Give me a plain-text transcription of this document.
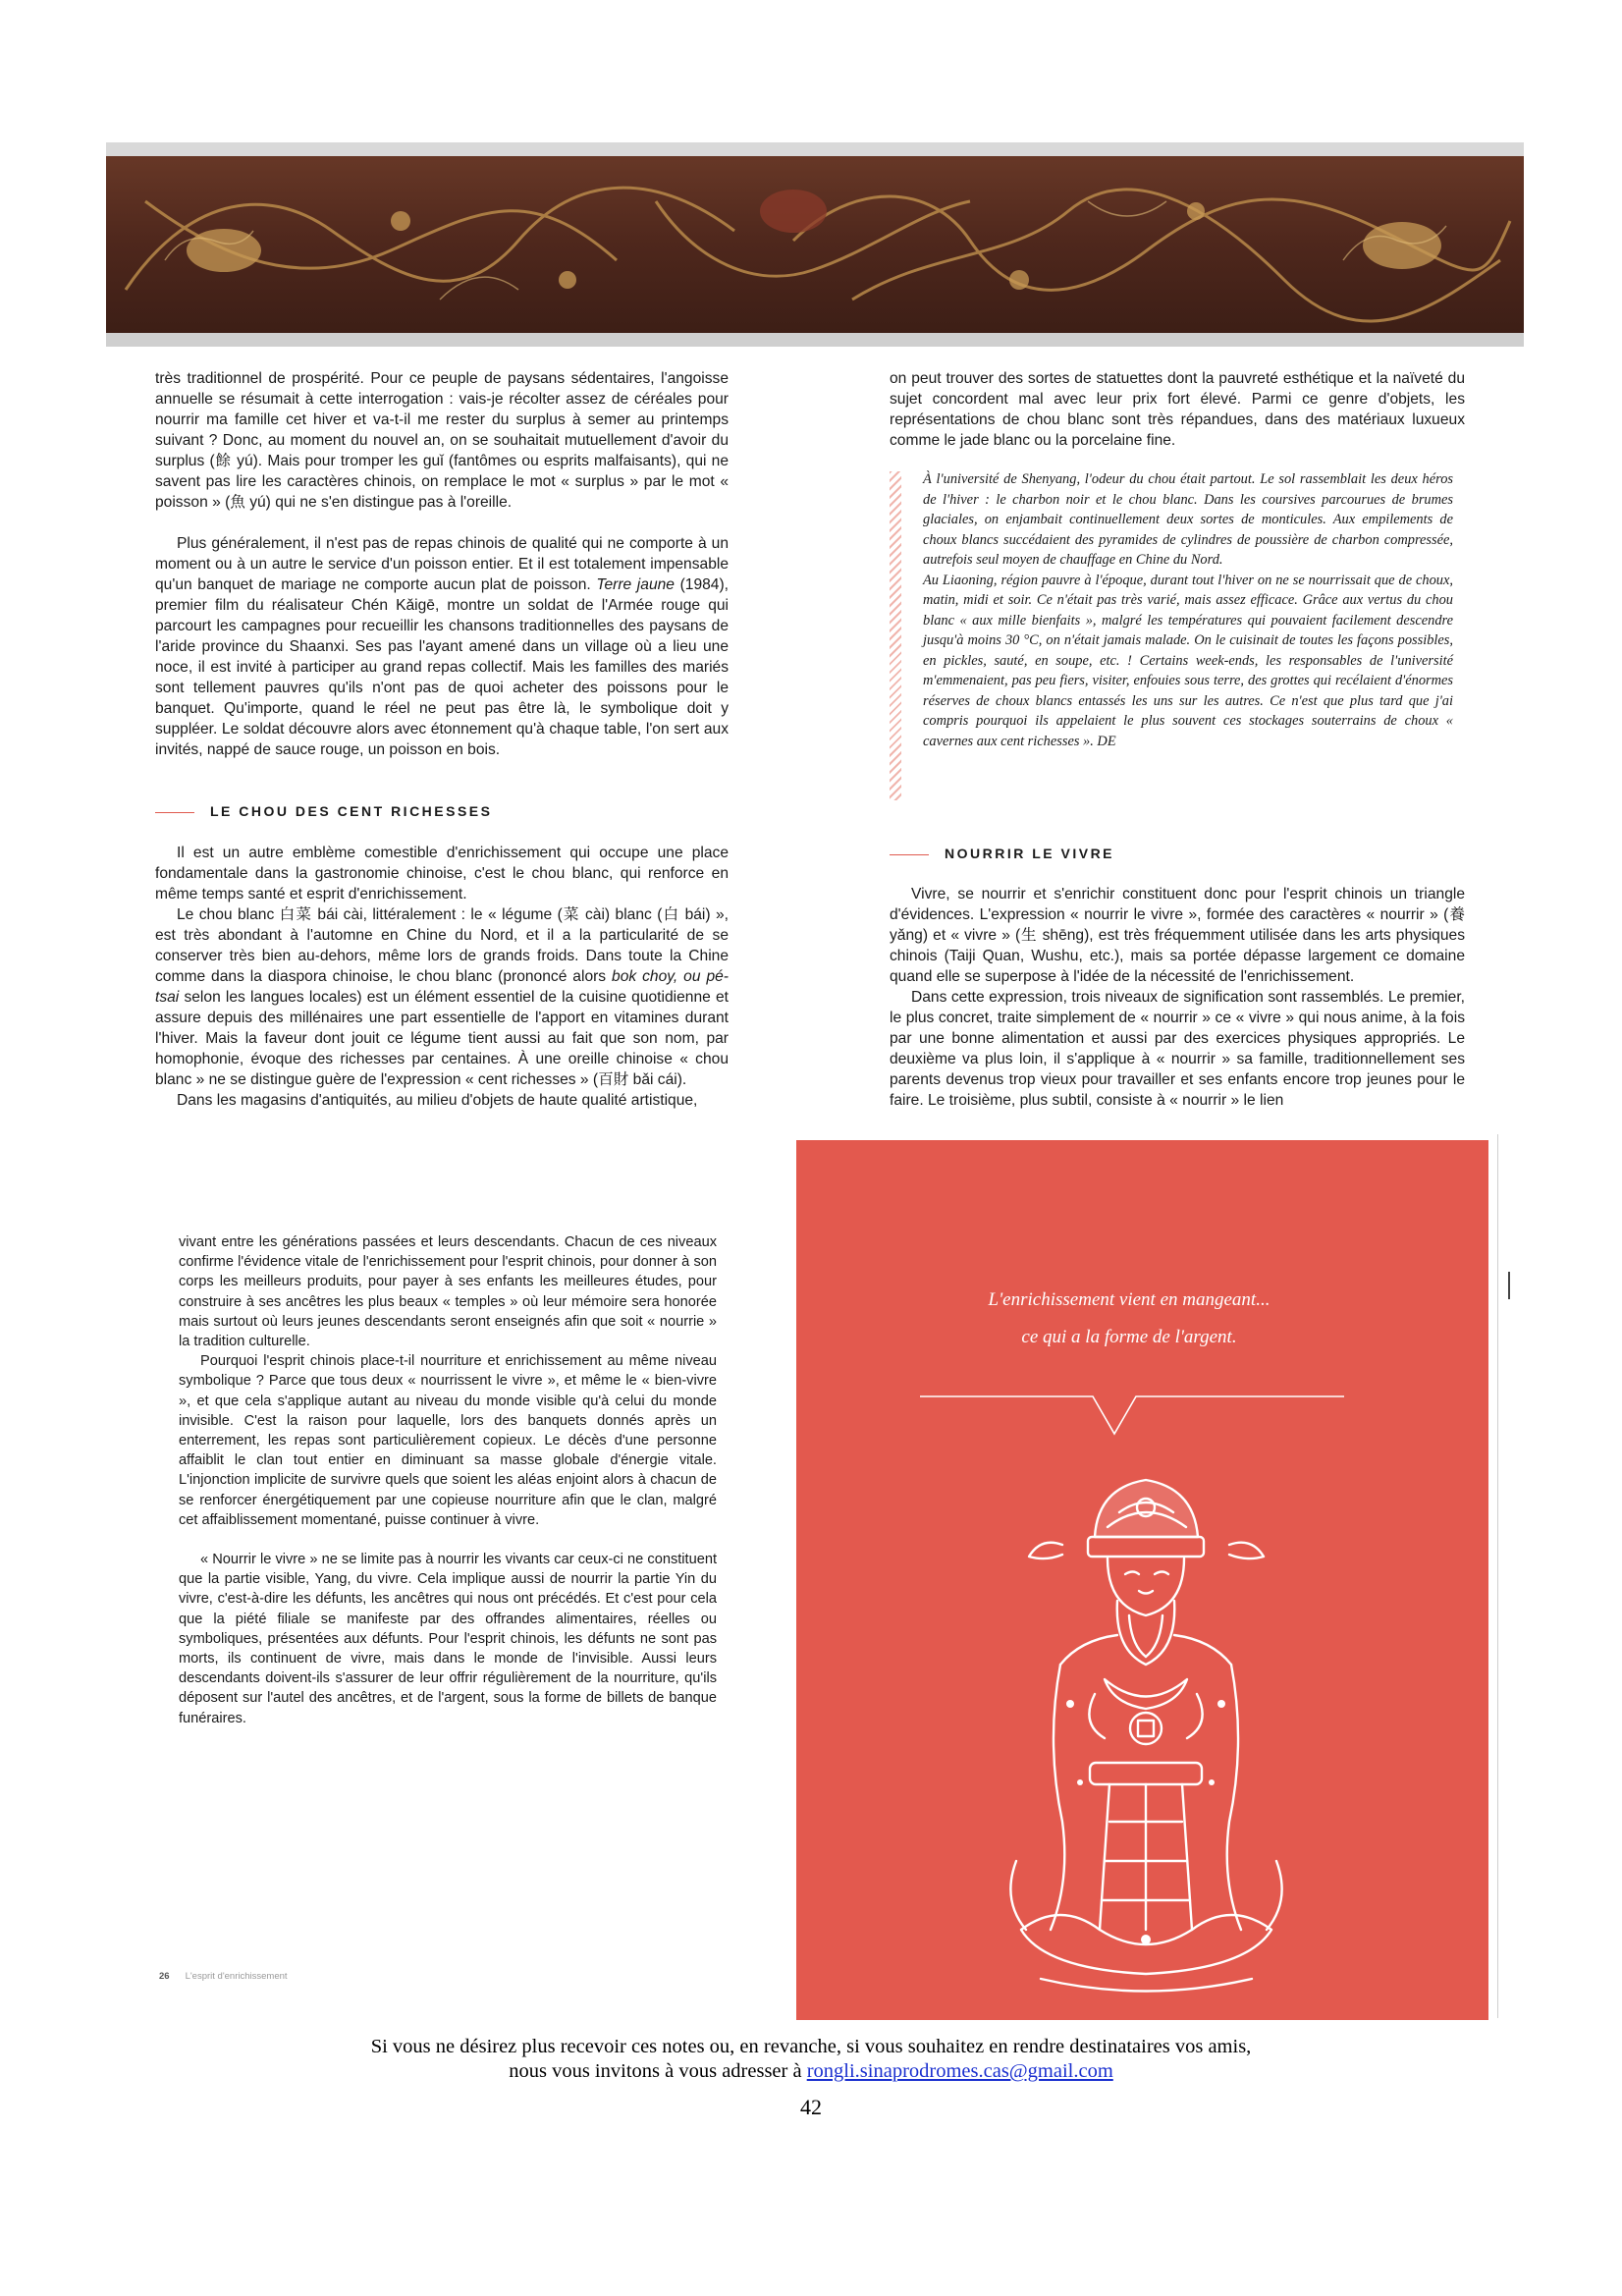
très traditionnel de prospérité. Pour ce peuple de paysans sédentaires, l'angoisse annuelle se résumait à cette interrogation : vais-je récolter assez de céréales pour nourrir ma famille cet hiver et va-t-il me rester du surplus à semer au printemps suivant ? Donc, au moment du nouvel an, on se souhaitait mutuellement d'avoir du surplus (餘 yú). Mais pour tromper les guǐ (fantômes ou esprits malfaisants), qui ne savent pas lire les caractères chinois, on remplace le mot « surplus » par le mot « poisson » (魚 yú) qui ne s'en distingue pas à l'oreille.

Plus généralement, il n'est pas de repas chinois de qualité qui ne comporte à un moment ou à un autre le service d'un poisson entier. Et il est totalement impensable qu'un banquet de mariage ne comporte aucun plat de poisson. Terre jaune (1984), premier film du réalisateur Chén Kǎigē, montre un soldat de l'Armée rouge qui parcourt les campagnes pour recueillir les chansons traditionnelles des paysans de l'aride province du Shaanxi. Ses pas l'ayant amené dans un village où a lieu une noce, il est invité à participer au grand repas collectif. Mais les familles des mariés sont tellement pauvres qu'ils n'ont pas de quoi acheter des poissons pour le banquet. Qu'importe, quand le réel ne peut pas être là, le symbolique doit y suppléer. Le soldat découvre alors avec étonnement qu'à chaque table, l'on sert aux invités, nappé de sauce rouge, un poisson en bois.

Il est un autre emblème comestible d'enrichissement qui occupe une place fondamentale dans la gastronomie chinoise, c'est le chou blanc, qui renforce en même temps santé et esprit d'enrichissement.

Le chou blanc 白菜 bái cài, littéralement : le « légume (菜 cài) blanc (白 bái) », est très abondant à l'automne en Chine du Nord, et il a la particularité de se conserver très bien au-dehors, même lors de grands froids. Dans toute la Chine comme dans la diaspora chinoise, le chou blanc (prononcé alors bok choy, ou pé-tsai selon les langues locales) est un élément essentiel de la cuisine quotidienne et assure depuis des millénaires une part essentielle de l'apport en vitamines durant l'hiver. Mais la faveur dont jouit ce légume tient aussi au fait que son nom, par homophonie, évoque des richesses par centaines. À une oreille chinoise « chou blanc » ne se distingue guère de l'expression « cent richesses » (百財 bǎi cái).

Dans les magasins d'antiquités, au milieu d'objets de haute qualité artistique,

LE CHOU DES CENT RICHESSES

on peut trouver des sortes de statuettes dont la pauvreté esthétique et la naïveté du sujet concordent mal avec leur prix fort élevé. Parmi ce genre d'objets, les représentations de chou blanc sont très répandues, dans des matériaux luxueux comme le jade blanc ou la porcelaine fine.

À l'université de Shenyang, l'odeur du chou était partout. Le sol rassemblait les deux héros de l'hiver : le charbon noir et le chou blanc. Dans les coursives parcourues de brumes glaciales, on enjambait continuellement deux sortes de monticules. Aux empilements de choux blancs succédaient des pyramides de cylindres de poussière de charbon compressée, autrefois seul moyen de chauffage en Chine du Nord.

Au Liaoning, région pauvre à l'époque, durant tout l'hiver on ne se nourrissait que de choux, matin, midi et soir. Ce n'était pas très varié, mais assez efficace. Grâce aux vertus du chou blanc « aux mille bienfaits », malgré les températures qui pouvaient facilement descendre jusqu'à moins 30 °C, on n'était jamais malade. On le cuisinait de toutes les façons possibles, en pickles, sauté, en soupe, etc. ! Certains week-ends, les responsables de l'université m'emmenaient, pas peu fiers, visiter, enfouies sous terre, des grottes qui recélaient d'énormes réserves de choux blancs entassés les uns sur les autres. Ce n'est que plus tard que j'ai compris pourquoi ils appelaient le plus souvent ces stockages souterrains de choux « cavernes aux cent richesses ». DE

NOURRIR LE VIVRE

Vivre, se nourrir et s'enrichir constituent donc pour l'esprit chinois un triangle d'évidences. L'expression « nourrir le vivre », formée des caractères « nourrir » (養 yǎng) et « vivre » (生 shēng), est très fréquemment utilisée dans les arts physiques chinois (Taiji Quan, Wushu, etc.), mais sa portée dépasse largement ce domaine quand elle se superpose à l'idée de la nécessité de l'enrichissement.

Dans cette expression, trois niveaux de signification sont rassemblés. Le premier, le plus concret, traite simplement de « nourrir » ce « vivre » qui nous anime, à la fois par une bonne alimentation et aussi par des exercices physiques appropriés. Le deuxième va plus loin, il s'applique à « nourrir » sa famille, traditionnellement ses parents devenus trop vieux pour travailler et ses enfants encore trop jeunes pour le faire. Le troisième, plus subtil, consiste à « nourrir » le lien

vivant entre les générations passées et leurs descendants. Chacun de ces niveaux confirme l'évidence vitale de l'enrichissement pour l'esprit chinois, pour donner à son corps les meilleurs produits, pour payer à ses enfants les meilleures études, pour construire à ses ancêtres les plus beaux « temples » où leur mémoire sera honorée mais surtout où leurs jeunes descendants seront enseignés afin que soit « nourrie » la tradition culturelle.

Pourquoi l'esprit chinois place-t-il nourriture et enrichissement au même niveau symbolique ? Parce que tous deux « nourrissent le vivre », et même le « bien-vivre », et que cela s'applique autant au niveau du monde visible qu'à celui du monde invisible. C'est la raison pour laquelle, lors des banquets donnés après un enterrement, les repas sont particulièrement copieux. Le décès d'une personne affaiblit le clan tout entier en diminuant sa masse globale d'énergie vitale. L'injonction implicite de survivre quels que soient les aléas enjoint alors à chacun de se renforcer énergétiquement par une copieuse nourriture afin que le clan, malgré cet affaiblissement momentané, puisse continuer à vivre.

« Nourrir le vivre » ne se limite pas à nourrir les vivants car ceux-ci ne constituent que la partie visible, Yang, du vivre. Cela implique aussi de nourrir la partie Yin du vivre, c'est-à-dire les défunts, les ancêtres qui nous ont précédés. Et c'est pour cela que la piété filiale se manifeste par des offrandes alimentaires, réelles ou symboliques, présentées aux défunts. Pour l'esprit chinois, les défunts ne sont pas morts, ils continuent de vivre, mais dans le monde de l'invisible. Aussi leurs descendants doivent-ils s'assurer de leur offrir régulièrement de la nourriture, qu'ils déposent sur l'autel des ancêtres, et de l'argent, sous la forme de billets de banque funéraires.

26 L'esprit d'enrichissement
L'enrichissement vient en mangeant...
ce qui a la forme de l'argent.
Si vous ne désirez plus recevoir ces notes ou, en revanche, si vous souhaitez en rendre destinataires vos amis,
nous vous invitons à vous adresser à rongli.sinaprodromes.cas@gmail.com
42
